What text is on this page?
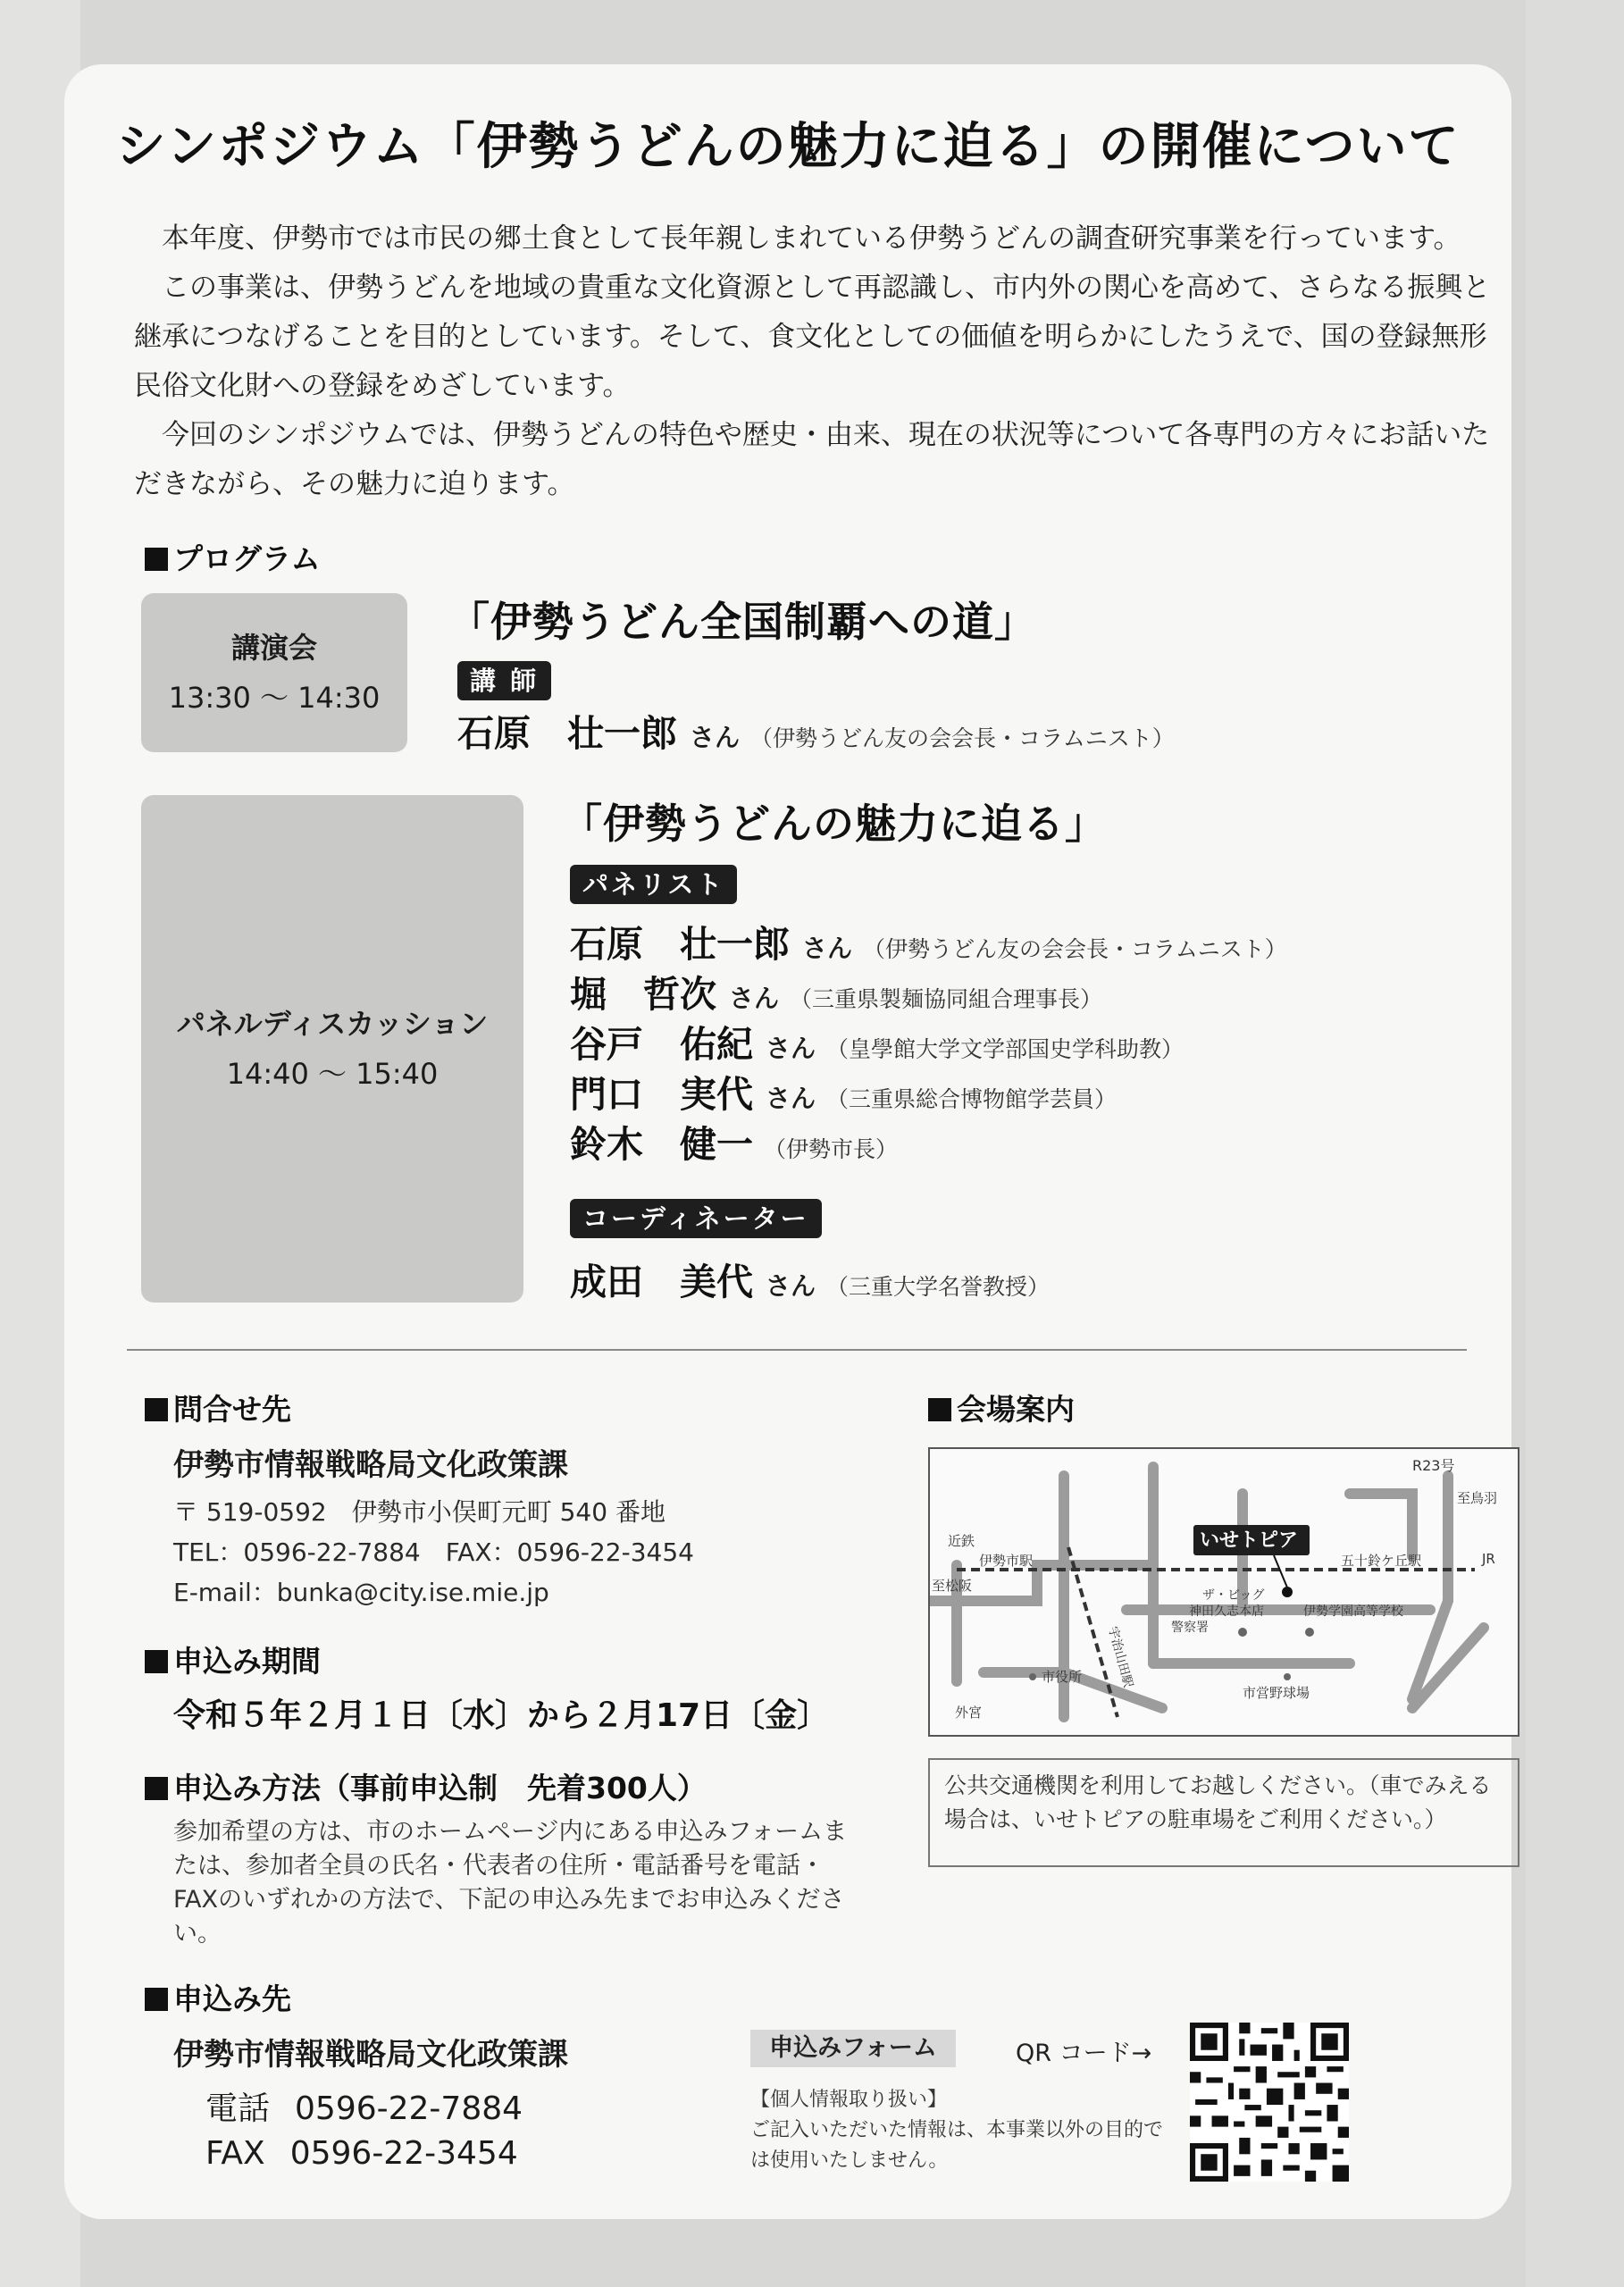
シンポジウム「伊勢うどんの魅力に迫る」の開催について

本年度、伊勢市では市民の郷土食として長年親しまれている伊勢うどんの調査研究事業を行っています。

この事業は、伊勢うどんを地域の貴重な文化資源として再認識し、市内外の関心を高めて、さらなる振興と継承につなげることを目的としています。そして、食文化としての価値を明らかにしたうえで、国の登録無形民俗文化財への登録をめざしています。

今回のシンポジウムでは、伊勢うどんの特色や歴史・由来、現在の状況等について各専門の方々にお話いただきながら、その魅力に迫ります。

プログラム
講演会
13:30 ～ 14:30
「伊勢うどん全国制覇への道」
講 師
石原　壮一郎 さん （伊勢うどん友の会会長・コラムニスト）
パネルディスカッション
14:40 ～ 15:40
「伊勢うどんの魅力に迫る」
パネリスト
石原　壮一郎 さん （伊勢うどん友の会会長・コラムニスト）
堀　哲次 さん （三重県製麺協同組合理事長）
谷戸　佑紀 さん （皇學館大学文学部国史学科助教）
門口　実代 さん （三重県総合博物館学芸員）
鈴木　健一 （伊勢市長）
コーディネーター
成田　美代 さん （三重大学名誉教授）
問合せ先
伊勢市情報戦略局文化政策課
〒 519-0592　伊勢市小俣町元町 540 番地
TEL：0596-22-7884　FAX：0596-22-3454
E-mail：bunka@city.ise.mie.jp
申込み期間
令和５年２月１日〔水〕から２月17日〔金〕
申込み方法（事前申込制　先着300人）
参加希望の方は、市のホームページ内にある申込みフォームまたは、参加者全員の氏名・代表者の住所・電話番号を電話・FAXのいずれかの方法で、下記の申込み先までお申込みください。
申込み先
伊勢市情報戦略局文化政策課
電話 0596-22-7884
FAX 0596-22-3454
会場案内
R23号
至鳥羽
近鉄
伊勢市駅
至松阪
いせトピア
五十鈴ケ丘駅	JR
ザ・ビッグ
神田久志本店
警察署
伊勢学園高等学校
市役所
市営野球場
外宮
宇治山田駅
公共交通機関を利用してお越しください。（車でみえる場合は、いせトピアの駐車場をご利用ください。）
申込みフォーム	QR コード→
【個人情報取り扱い】
ご記入いただいた情報は、本事業以外の目的では使用いたしません。
